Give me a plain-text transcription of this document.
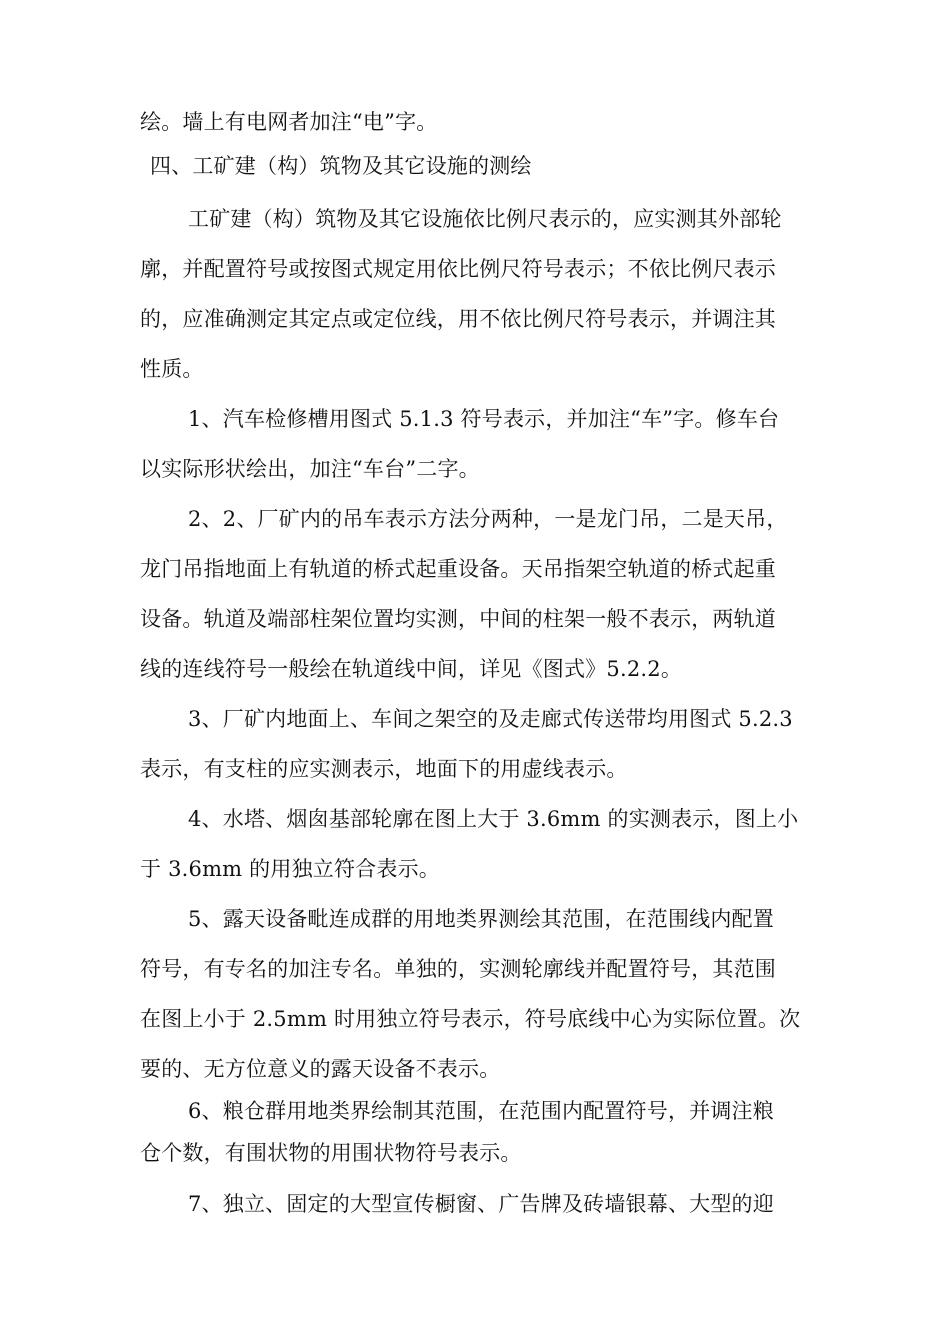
绘。墙上有电网者加注“电”字。
四、工矿建（构）筑物及其它设施的测绘
工矿建（构）筑物及其它设施依比例尺表示的，应实测其外部轮
廓，并配置符号或按图式规定用依比例尺符号表示；不依比例尺表示
的，应准确测定其定点或定位线，用不依比例尺符号表示，并调注其
性质。
1、汽车检修槽用图式 5.1.3 符号表示，并加注“车”字。修车台
以实际形状绘出，加注“车台”二字。
2、2、厂矿内的吊车表示方法分两种，一是龙门吊，二是天吊，
龙门吊指地面上有轨道的桥式起重设备。天吊指架空轨道的桥式起重
设备。轨道及端部柱架位置均实测，中间的柱架一般不表示，两轨道
线的连线符号一般绘在轨道线中间，详见《图式》5.2.2。
3、厂矿内地面上、车间之架空的及走廊式传送带均用图式 5.2.3
表示，有支柱的应实测表示，地面下的用虚线表示。
4、水塔、烟囱基部轮廓在图上大于 3.6mm 的实测表示，图上小
于 3.6mm 的用独立符合表示。
5、露天设备毗连成群的用地类界测绘其范围，在范围线内配置
符号，有专名的加注专名。单独的，实测轮廓线并配置符号，其范围
在图上小于 2.5mm 时用独立符号表示，符号底线中心为实际位置。次
要的、无方位意义的露天设备不表示。
6、粮仓群用地类界绘制其范围，在范围内配置符号，并调注粮
仓个数，有围状物的用围状物符号表示。
7、独立、固定的大型宣传橱窗、广告牌及砖墙银幕、大型的迎
